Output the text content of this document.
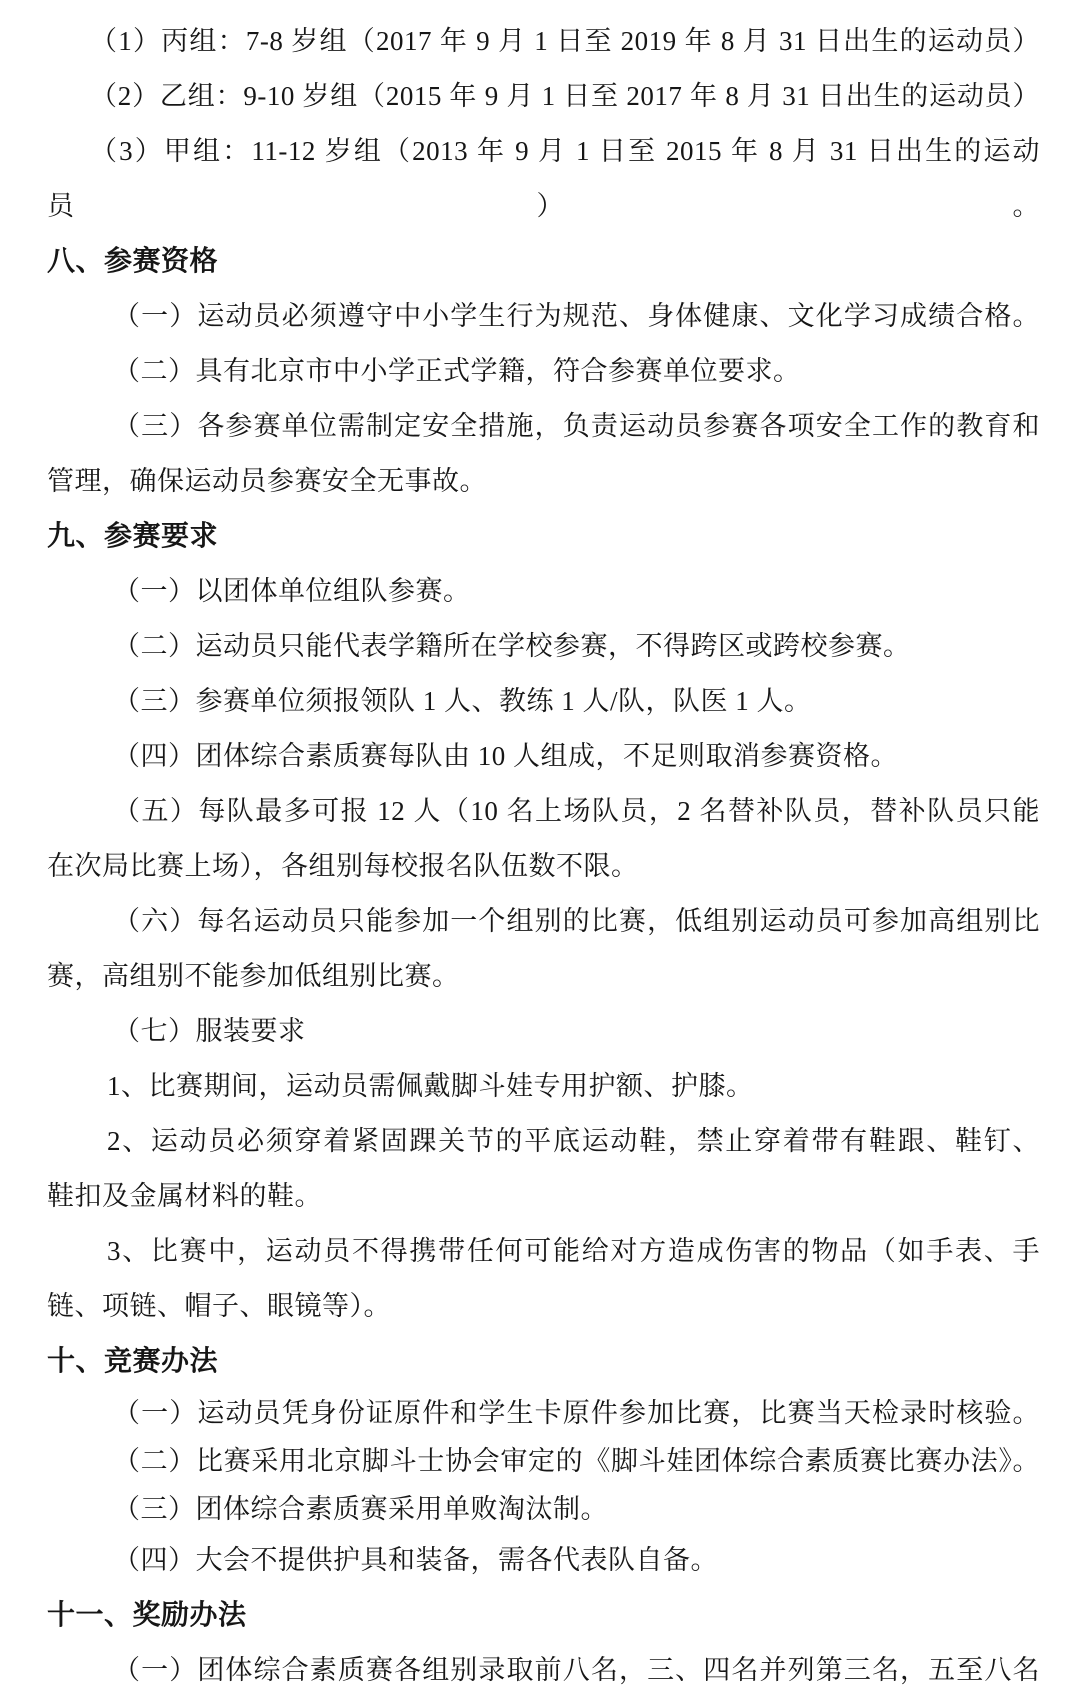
（1）丙组：7-8 岁组（2017 年 9 月 1 日至 2019 年 8 月 31 日出生的运动员）

（2）乙组：9-10 岁组（2015 年 9 月 1 日至 2017 年 8 月 31 日出生的运动员）

（3）甲组：11-12 岁组（2013 年 9 月 1 日至 2015 年 8 月 31 日出生的运动员）。

八、参赛资格

（一）运动员必须遵守中小学生行为规范、身体健康、文化学习成绩合格。

（二）具有北京市中小学正式学籍，符合参赛单位要求。

（三）各参赛单位需制定安全措施，负责运动员参赛各项安全工作的教育和

管理，确保运动员参赛安全无事故。

九、参赛要求

（一）以团体单位组队参赛。

（二）运动员只能代表学籍所在学校参赛，不得跨区或跨校参赛。

（三）参赛单位须报领队 1 人、教练 1 人/队，队医 1 人。

（四）团体综合素质赛每队由 10 人组成，不足则取消参赛资格。

（五）每队最多可报 12 人（10 名上场队员，2 名替补队员，替补队员只能

在次局比赛上场），各组别每校报名队伍数不限。

（六）每名运动员只能参加一个组别的比赛，低组别运动员可参加高组别比

赛，高组别不能参加低组别比赛。

（七）服装要求

1、比赛期间，运动员需佩戴脚斗娃专用护额、护膝。

2、运动员必须穿着紧固踝关节的平底运动鞋，禁止穿着带有鞋跟、鞋钉、

鞋扣及金属材料的鞋。

3、比赛中，运动员不得携带任何可能给对方造成伤害的物品（如手表、手

链、项链、帽子、眼镜等）。

十、竞赛办法

（一）运动员凭身份证原件和学生卡原件参加比赛，比赛当天检录时核验。

（二）比赛采用北京脚斗士协会审定的《脚斗娃团体综合素质赛比赛办法》。

（三）团体综合素质赛采用单败淘汰制。

（四）大会不提供护具和装备，需各代表队自备。

十一、奖励办法

（一）团体综合素质赛各组别录取前八名，三、四名并列第三名，五至八名
